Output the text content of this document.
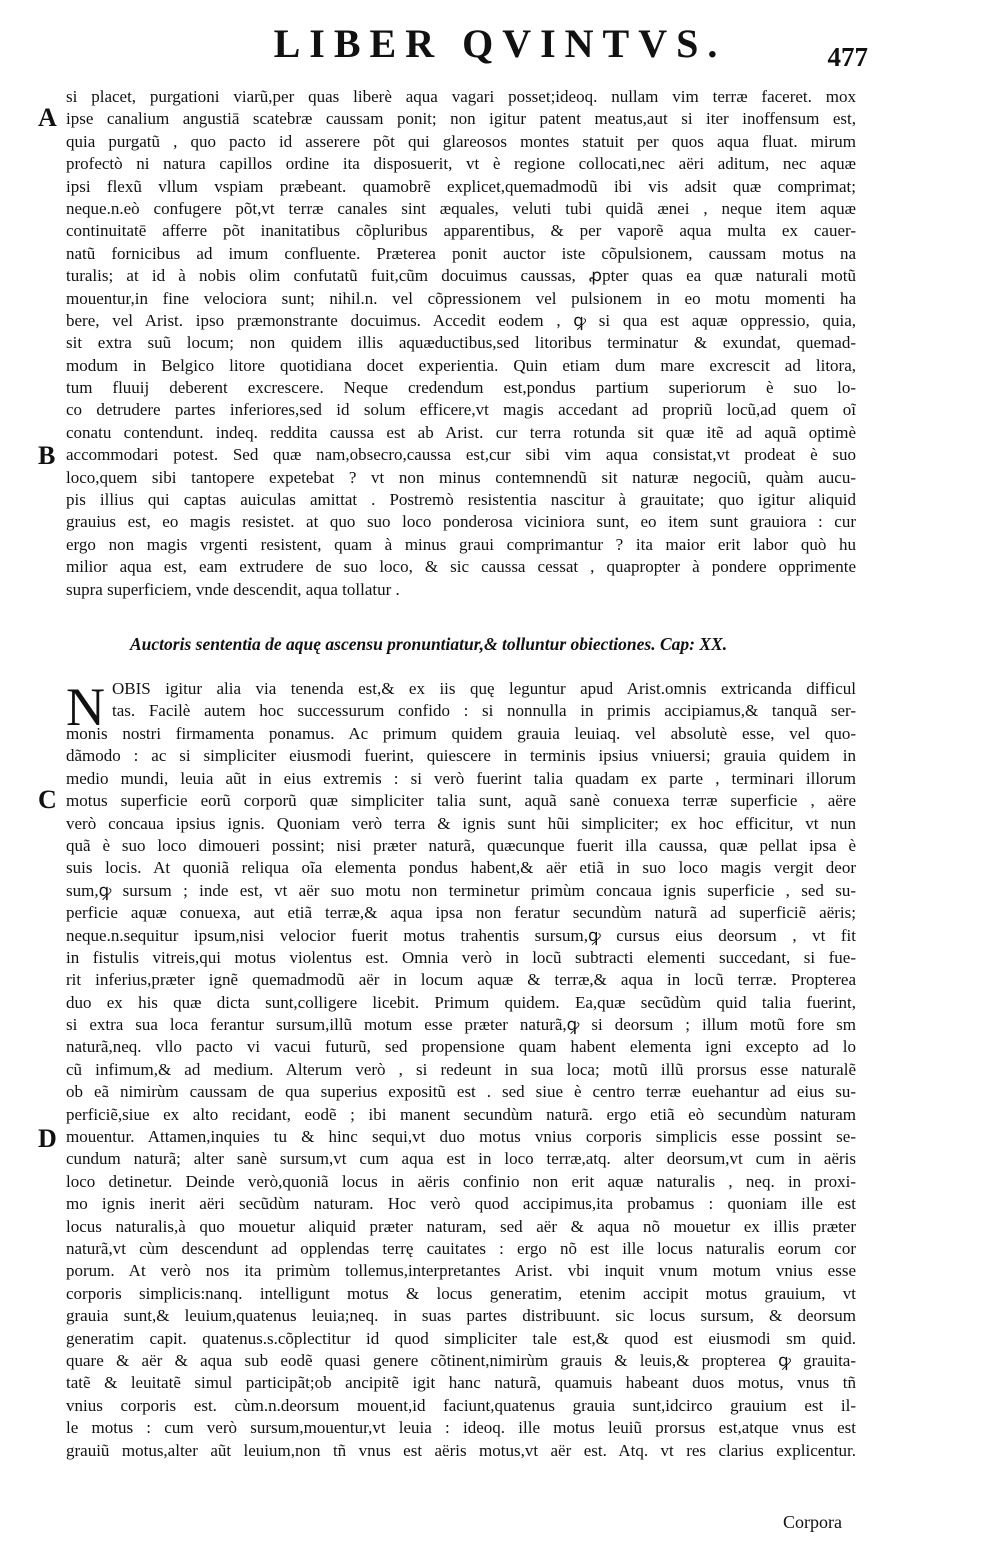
LIBER QVINTVS.	477
A
B
C
D
si placet, purgationi viarũ,per quas liberè aqua vagari posset;ideoq. nullam vim terræ faceret. mox
ipse canalium angustiā scatebræ caussam ponit; non igitur patent meatus,aut si iter inoffensum est,
quia purgatũ , quo pacto id asserere põt qui glareosos montes statuit per quos aqua fluat. mirum
profectò ni natura capillos ordine ita disposuerit, vt è regione collocati,nec aëri aditum, nec aquæ
ipsi flexũ vllum vspiam præbeant. quamobrẽ explicet,quemadmodũ ibi vis adsit quæ comprimat;
neque.n.eò confugere põt,vt terræ canales sint æquales, veluti tubi quidã ænei , neque item aquæ
continuitatē afferre põt inanitatibus cõpluribus apparentibus, & per vaporẽ aqua multa ex cauer-
natũ fornicibus ad imum confluente. Præterea ponit auctor iste cõpulsionem, caussam motus na
turalis; at id à nobis olim confutatũ fuit,cũm docuimus caussas, ꝓpter quas ea quæ naturali motũ
mouentur,in fine velociora sunt; nihil.n. vel cõpressionem vel pulsionem in eo motu momenti ha
bere, vel Arist. ipso præmonstrante docuimus. Accedit eodem , ꝙ si qua est aquæ oppressio, quia,
sit extra suũ locum; non quidem illis aquæductibus,sed litoribus terminatur & exundat, quemad-
modum in Belgico litore quotidiana docet experientia. Quin etiam dum mare excrescit ad litora,
tum fluuij deberent excrescere. Neque credendum est,pondus partium superiorum è suo lo-
co detrudere partes inferiores,sed id solum efficere,vt magis accedant ad propriũ locũ,ad quem oĩ
conatu contendunt. indeq. reddita caussa est ab Arist. cur terra rotunda sit quæ itẽ ad aquã optimè
accommodari potest. Sed quæ nam,obsecro,caussa est,cur sibi vim aqua consistat,vt prodeat è suo
loco,quem sibi tantopere expetebat ? vt non minus contemnendũ sit naturæ negociũ, quàm aucu-
pis illius qui captas auiculas amittat . Postremò resistentia nascitur à grauitate; quo igitur aliquid
grauius est, eo magis resistet. at quo suo loco ponderosa viciniora sunt, eo item sunt grauiora : cur
ergo non magis vrgenti resistent, quam à minus graui comprimantur ? ita maior erit labor quò hu
milior aqua est, eam extrudere de suo loco, & sic caussa cessat , quapropter à pondere opprimente
supra superficiem, vnde descendit, aqua tollatur .
Auctoris sententia de aquę ascensu pronuntiatur,& tolluntur obiectiones. Cap: XX.
N OBIS igitur alia via tenenda est,& ex iis quę leguntur apud Arist.omnis extricanda difficul
tas. Facilè autem hoc successurum confido : si nonnulla in primis accipiamus,& tanquã ser-
monis nostri firmamenta ponamus. Ac primum quidem grauia leuiaq. vel absolutè esse, vel quo-
dãmodo : ac si simpliciter eiusmodi fuerint, quiescere in terminis ipsius vniuersi; grauia quidem in
medio mundi, leuia aũt in eius extremis : si verò fuerint talia quadam ex parte , terminari illorum
motus superficie eorũ corporũ quæ simpliciter talia sunt, aquã sanè conuexa terræ superficie , aëre
verò concaua ipsius ignis. Quoniam verò terra & ignis sunt hũi simpliciter; ex hoc efficitur, vt nun
quã è suo loco dimoueri possint; nisi præter naturã, quæcunque fuerit illa caussa, quæ pellat ipsa è
suis locis. At quoniã reliqua oĩa elementa pondus habent,& aër etiã in suo loco magis vergit deor
sum,ꝙ sursum ; inde est, vt aër suo motu non terminetur primùm concaua ignis superficie , sed su-
perficie aquæ conuexa, aut etiã terræ,& aqua ipsa non feratur secundùm naturã ad superficiẽ aëris;
neque.n.sequitur ipsum,nisi velocior fuerit motus trahentis sursum,ꝙ cursus eius deorsum , vt fit
in fistulis vitreis,qui motus violentus est. Omnia verò in locũ subtracti elementi succedant, si fue-
rit inferius,præter ignẽ quemadmodũ aër in locum aquæ & terræ,& aqua in locũ terræ. Propterea
duo ex his quæ dicta sunt,colligere licebit. Primum quidem. Ea,quæ secũdùm quid talia fuerint,
si extra sua loca ferantur sursum,illũ motum esse præter naturã,ꝙ si deorsum ; illum motũ fore sm
naturã,neq. vllo pacto vi vacui futurũ, sed propensione quam habent elementa igni excepto ad lo
cũ infimum,& ad medium. Alterum verò , si redeunt in sua loca; motũ illũ prorsus esse naturalẽ
ob eã nimirùm caussam de qua superius expositũ est . sed siue è centro terræ euehantur ad eius su-
perficiẽ,siue ex alto recidant, eodẽ ; ibi manent secundùm naturã. ergo etiã eò secundùm naturam
mouentur. Attamen,inquies tu & hinc sequi,vt duo motus vnius corporis simplicis esse possint se-
cundum naturã; alter sanè sursum,vt cum aqua est in loco terræ,atq. alter deorsum,vt cum in aëris
loco detinetur. Deinde verò,quoniã locus in aëris confinio non erit aquæ naturalis , neq. in proxi-
mo ignis inerit aëri secũdùm naturam. Hoc verò quod accipimus,ita probamus : quoniam ille est
locus naturalis,à quo mouetur aliquid præter naturam, sed aër & aqua nõ mouetur ex illis præter
naturã,vt cùm descendunt ad opplendas terrę cauitates : ergo nõ est ille locus naturalis eorum cor
porum. At verò nos ita primùm tollemus,interpretantes Arist. vbi inquit vnum motum vnius esse
corporis simplicis:nanq. intelligunt motus & locus generatim, etenim accipit motus grauium, vt
grauia sunt,& leuium,quatenus leuia;neq. in suas partes distribuunt. sic locus sursum, & deorsum
generatim capit. quatenus.s.cõplectitur id quod simpliciter tale est,& quod est eiusmodi sm quid.
quare & aër & aqua sub eodẽ quasi genere cõtinent,nimirùm grauis & leuis,& propterea ꝙ grauita-
tatẽ & leuitatẽ simul participãt;ob ancipitẽ igit hanc naturã, quamuis habeant duos motus, vnus tñ
vnius corporis est. cùm.n.deorsum mouent,id faciunt,quatenus grauia sunt,idcirco grauium est il-
le motus : cum verò sursum,mouentur,vt leuia : ideoq. ille motus leuiũ prorsus est,atque vnus est
grauiũ motus,alter aũt leuium,non tñ vnus est aëris motus,vt aër est. Atq. vt res clarius explicentur.
Corpora
